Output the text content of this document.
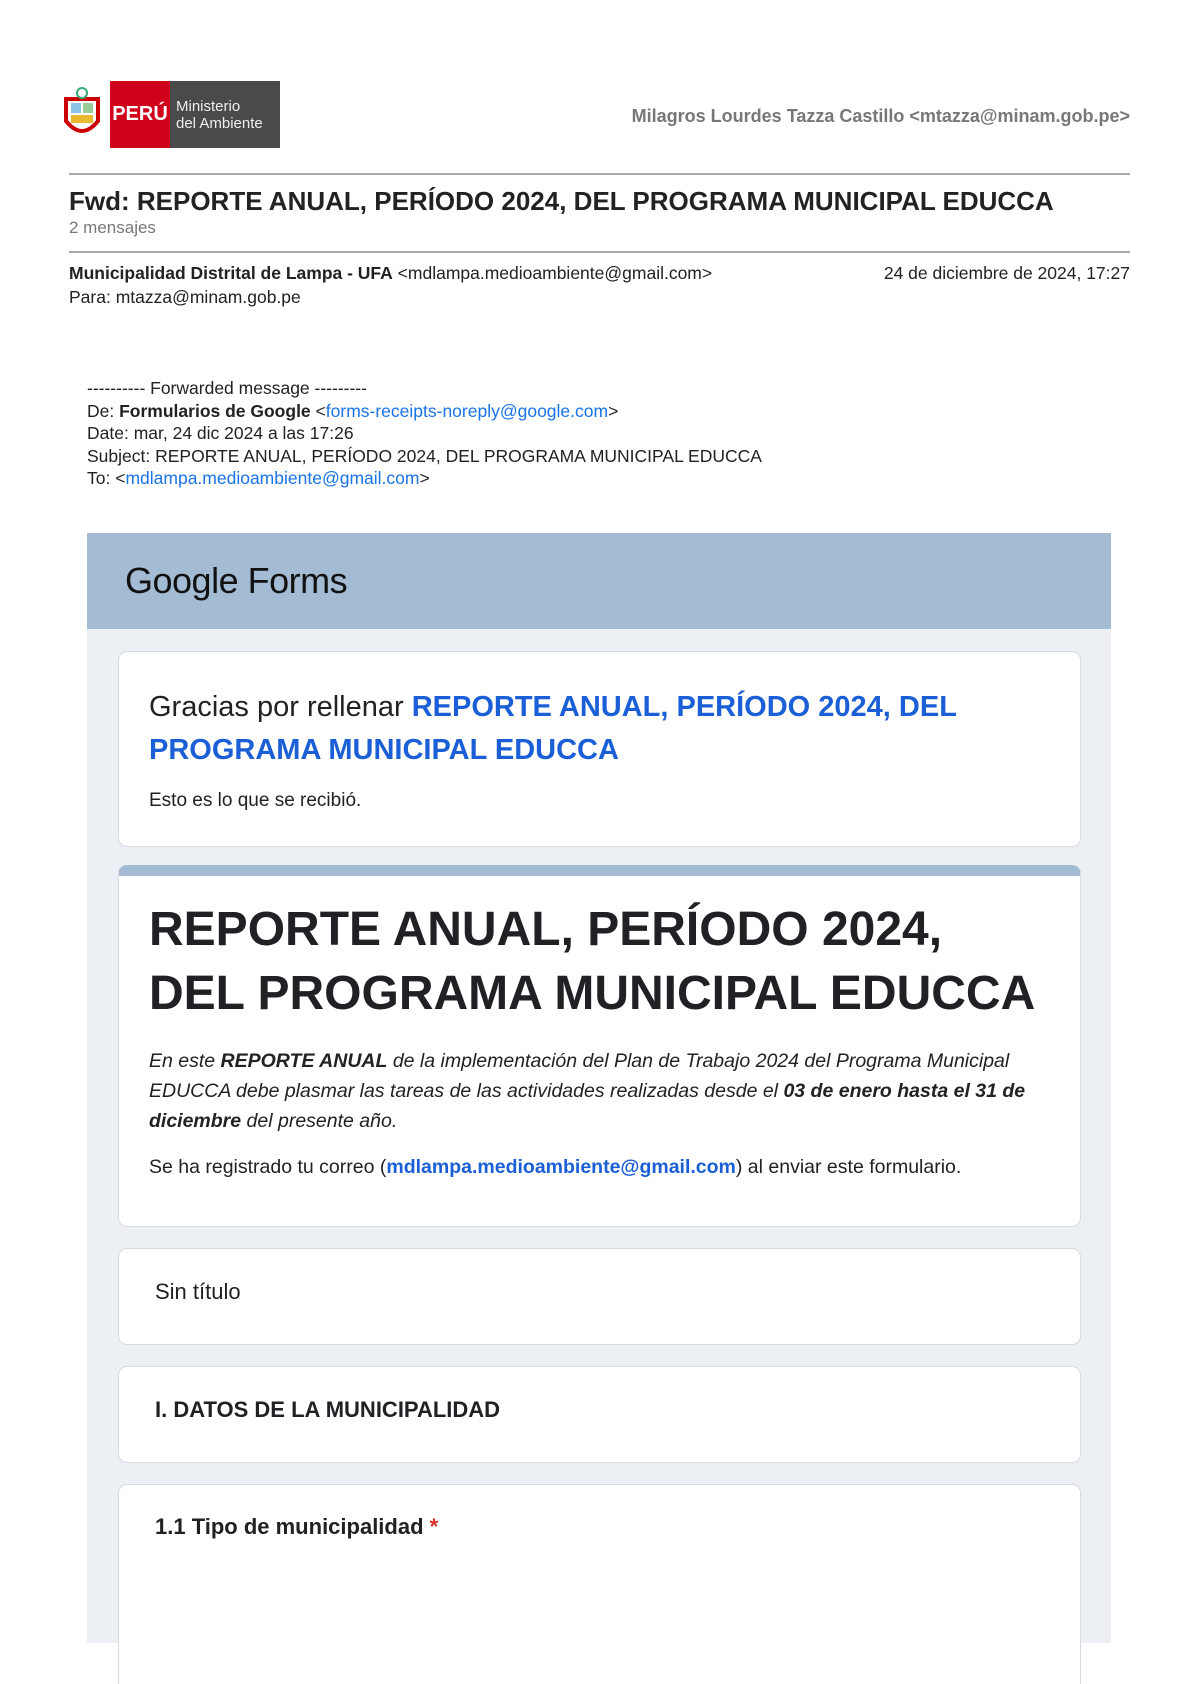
PERÚ Ministerio
del Ambiente	Milagros Lourdes Tazza Castillo <mtazza@minam.gob.pe>
Fwd: REPORTE ANUAL, PERÍODO 2024, DEL PROGRAMA MUNICIPAL EDUCCA
2 mensajes
Municipalidad Distrital de Lampa - UFA <mdlampa.medioambiente@gmail.com>	24 de diciembre de 2024, 17:27
Para: mtazza@minam.gob.pe
---------- Forwarded message ---------
De: Formularios de Google <forms-receipts-noreply@google.com>
Date: mar, 24 dic 2024 a las 17:26
Subject: REPORTE ANUAL, PERÍODO 2024, DEL PROGRAMA MUNICIPAL EDUCCA
To: <mdlampa.medioambiente@gmail.com>
Google Forms
Gracias por rellenar REPORTE ANUAL, PERÍODO 2024, DEL PROGRAMA MUNICIPAL EDUCCA
Esto es lo que se recibió.
REPORTE ANUAL, PERÍODO 2024, DEL PROGRAMA MUNICIPAL EDUCCA
En este REPORTE ANUAL de la implementación del Plan de Trabajo 2024 del Programa Municipal EDUCCA debe plasmar las tareas de las actividades realizadas desde el 03 de enero hasta el 31 de diciembre del presente año.
Se ha registrado tu correo (mdlampa.medioambiente@gmail.com) al enviar este formulario.
Sin título
I. DATOS DE LA MUNICIPALIDAD
1.1 Tipo de municipalidad *
